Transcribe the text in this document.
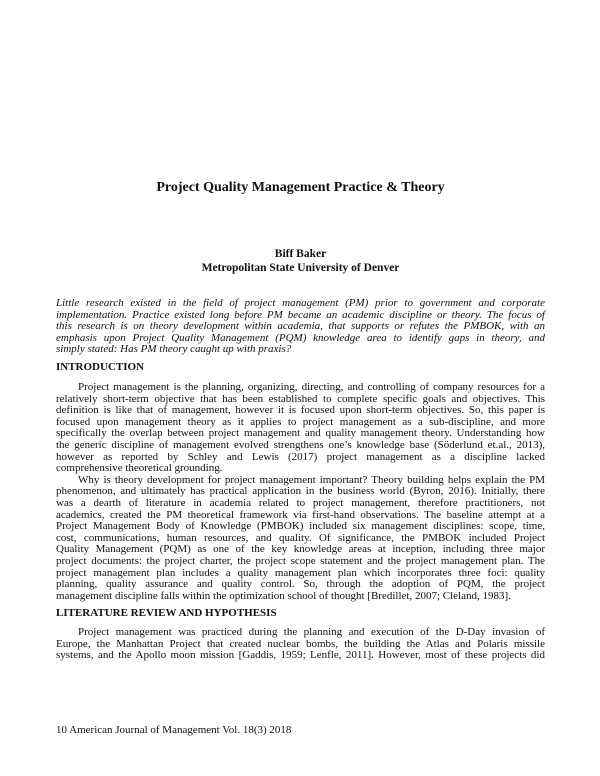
Project Quality Management Practice & Theory
Biff Baker
Metropolitan State University of Denver
Little research existed in the field of project management (PM) prior to government and corporate
implementation. Practice existed long before PM became an academic discipline or theory. The focus of
this research is on theory development within academia, that supports or refutes the PMBOK, with an
emphasis upon Project Quality Management (PQM) knowledge area to identify gaps in theory, and
simply stated: Has PM theory caught up with praxis?
INTRODUCTION
Project management is the planning, organizing, directing, and controlling of company resources for a
relatively short-term objective that has been established to complete specific goals and objectives. This
definition is like that of management, however it is focused upon short-term objectives. So, this paper is
focused upon management theory as it applies to project management as a sub-discipline, and more
specifically the overlap between project management and quality management theory. Understanding how
the generic discipline of management evolved strengthens one’s knowledge base (Söderlund et.al., 2013),
however as reported by Schley and Lewis (2017) project management as a discipline lacked
comprehensive theoretical grounding.
Why is theory development for project management important? Theory building helps explain the PM
phenomenon, and ultimately has practical application in the business world (Byron, 2016). Initially, there
was a dearth of literature in academia related to project management, therefore practitioners, not
academics, created the PM theoretical framework via first-hand observations. The baseline attempt at a
Project Management Body of Knowledge (PMBOK) included six management disciplines: scope, time,
cost, communications, human resources, and quality. Of significance, the PMBOK included Project
Quality Management (PQM) as one of the key knowledge areas at inception, including three major
project documents: the project charter, the project scope statement and the project management plan. The
project management plan includes a quality management plan which incorporates three foci: quality
planning, quality assurance and quality control. So, through the adoption of PQM, the project
management discipline falls within the optimization school of thought [Bredillet, 2007; Cleland, 1983].
LITERATURE REVIEW AND HYPOTHESIS
Project management was practiced during the planning and execution of the D-Day invasion of
Europe, the Manhattan Project that created nuclear bombs, the building the Atlas and Polaris missile
systems, and the Apollo moon mission [Gaddis, 1959; Lenfle, 2011]. However, most of these projects did
10 American Journal of Management Vol. 18(3) 2018
